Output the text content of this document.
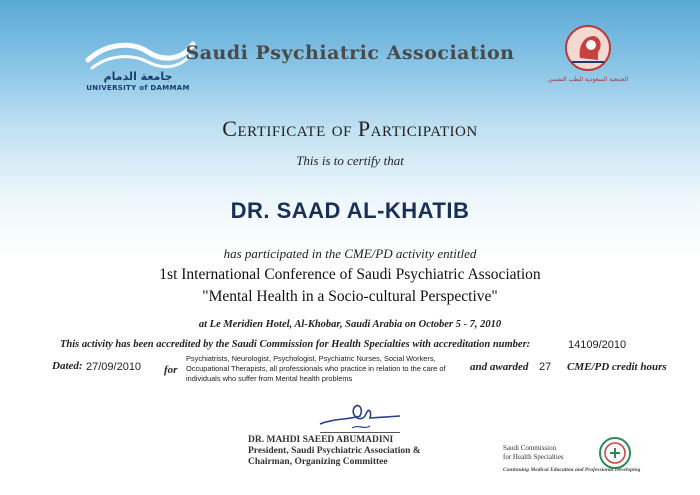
جامعة الدمام
UNIVERSITY of DAMMAM
Saudi Psychiatric Association
الجمعية السعودية للطب النفسي
Certificate of Participation
This is to certify that
DR. SAAD AL-KHATIB
has participated in the CME/PD activity entitled
1st International Conference of Saudi Psychiatric Association
"Mental Health in a Socio-cultural Perspective"
at Le Meridien Hotel, Al-Khobar, Saudi Arabia on October 5 - 7, 2010
This activity has been accredited by the Saudi Commission for Health Specialties with accreditation number:	14109/2010
Dated: 27/09/2010 for
Psychiatrists, Neurologist, Psychologist, Psychiatric Nurses, Social Workers, Occupational Therapists, all professionals who practice in relation to the care of individuals who suffer from Mental health problems
and awarded 27 CME/PD credit hours
DR. MAHDI SAEED ABUMADINI
President, Saudi Psychiatric Association &
Chairman, Organizing Committee
Saudi Commission
for Health Specialties
Continuing Medical Education and Professional Developing
